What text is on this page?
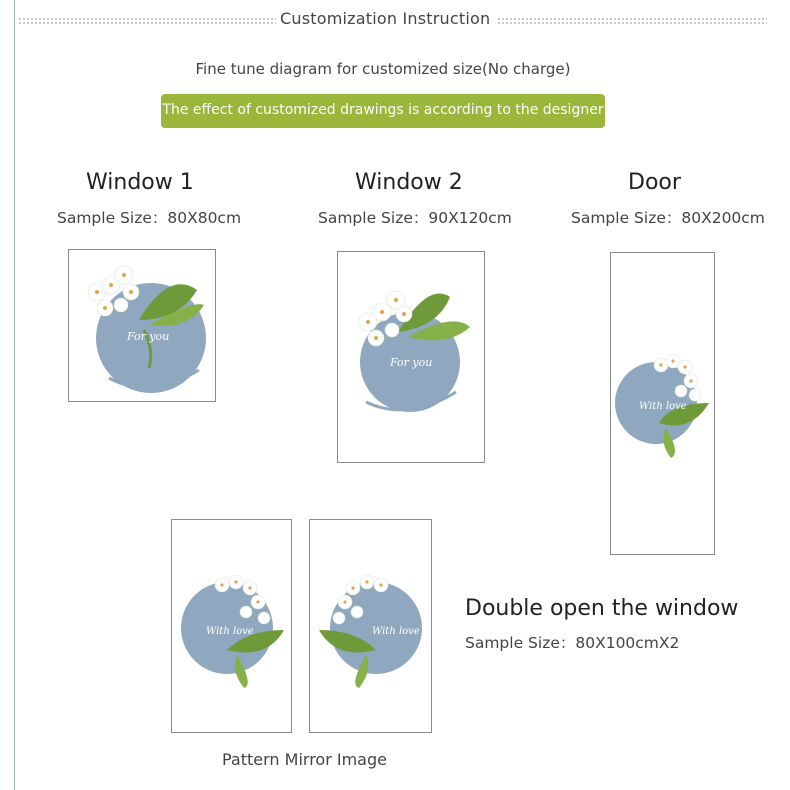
Customization Instruction
Fine tune diagram for customized size(No charge)
The effect of customized drawings is according to the designer make.
Window 1
Sample Size：80X80cm
For you
Window 2
Sample Size：90X120cm
For you
Door
Sample Size：80X200cm
With love
With love	With love
Pattern Mirror Image
Double open the window
Sample Size：80X100cmX2
